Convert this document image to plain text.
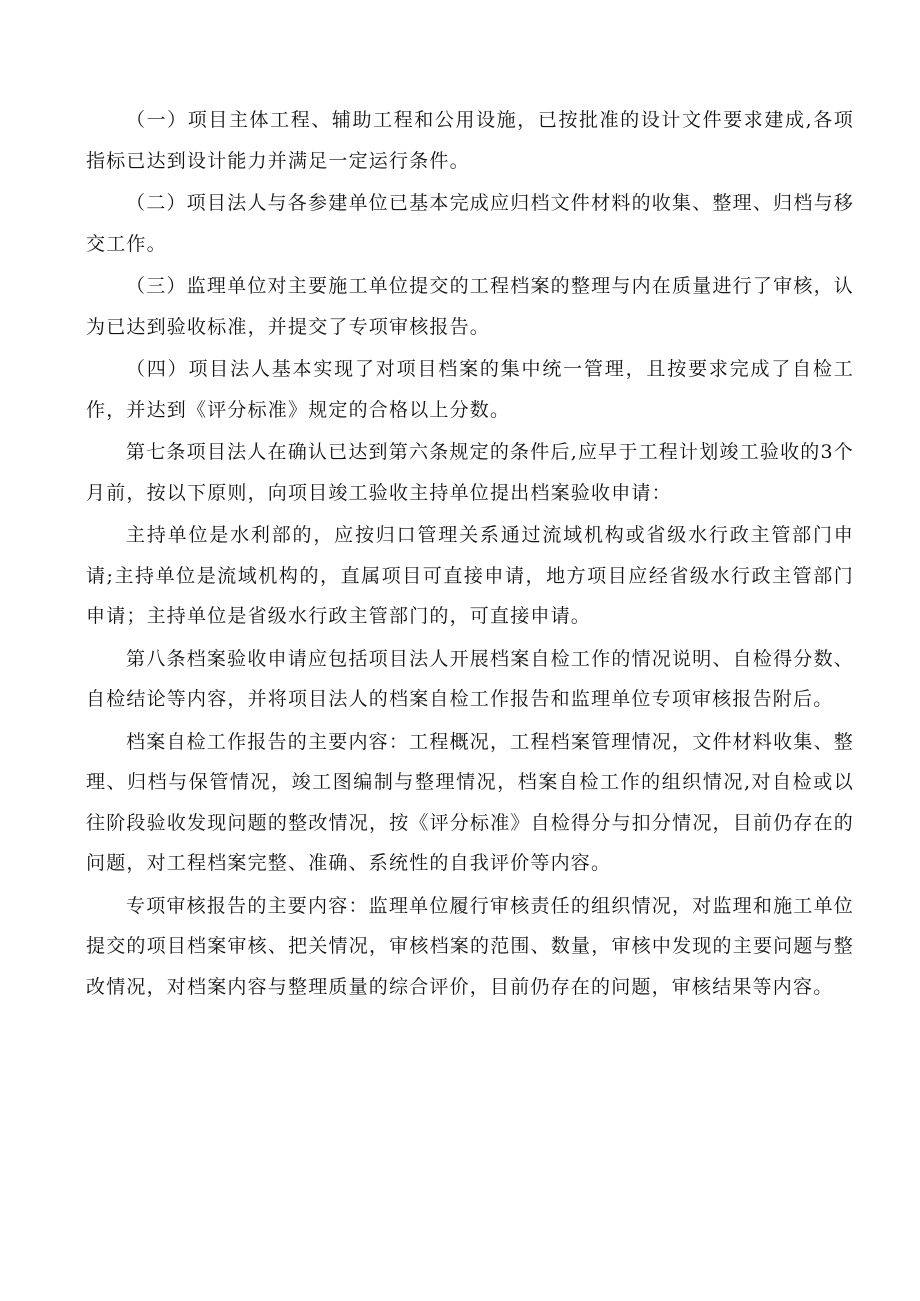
（一）项目主体工程、辅助工程和公用设施，已按批准的设计文件要求建成,各项指标已达到设计能力并满足一定运行条件。

（二）项目法人与各参建单位已基本完成应归档文件材料的收集、整理、归档与移交工作。

（三）监理单位对主要施工单位提交的工程档案的整理与内在质量进行了审核，认为已达到验收标准，并提交了专项审核报告。

（四）项目法人基本实现了对项目档案的集中统一管理，且按要求完成了自检工作，并达到《评分标准》规定的合格以上分数。

第七条项目法人在确认已达到第六条规定的条件后,应早于工程计划竣工验收的3个月前，按以下原则，向项目竣工验收主持单位提出档案验收申请：

主持单位是水利部的，应按归口管理关系通过流域机构或省级水行政主管部门申请;主持单位是流域机构的，直属项目可直接申请，地方项目应经省级水行政主管部门申请；主持单位是省级水行政主管部门的，可直接申请。

第八条档案验收申请应包括项目法人开展档案自检工作的情况说明、自检得分数、自检结论等内容，并将项目法人的档案自检工作报告和监理单位专项审核报告附后。

档案自检工作报告的主要内容：工程概况，工程档案管理情况，文件材料收集、整理、归档与保管情况，竣工图编制与整理情况，档案自检工作的组织情况,对自检或以往阶段验收发现问题的整改情况，按《评分标准》自检得分与扣分情况，目前仍存在的问题，对工程档案完整、准确、系统性的自我评价等内容。

专项审核报告的主要内容：监理单位履行审核责任的组织情况，对监理和施工单位提交的项目档案审核、把关情况，审核档案的范围、数量，审核中发现的主要问题与整改情况，对档案内容与整理质量的综合评价，目前仍存在的问题，审核结果等内容。
